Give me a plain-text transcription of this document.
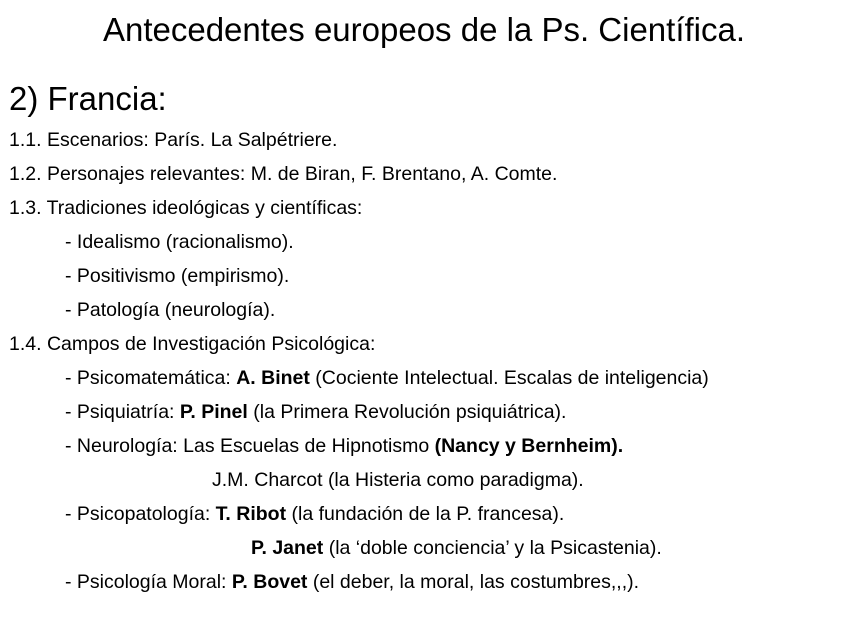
Antecedentes europeos de la Ps. Científica.
2) Francia:
1.1. Escenarios: París. La Salpétriere.
1.2. Personajes relevantes: M. de Biran, F. Brentano, A. Comte.
1.3. Tradiciones ideológicas y científicas:
- Idealismo (racionalismo).
- Positivismo (empirismo).
- Patología (neurología).
1.4. Campos de Investigación Psicológica:
- Psicomatemática: A. Binet (Cociente Intelectual. Escalas de inteligencia)
- Psiquiatría: P. Pinel (la Primera Revolución psiquiátrica).
- Neurología: Las Escuelas de Hipnotismo (Nancy y Bernheim).
J.M. Charcot (la Histeria como paradigma).
- Psicopatología: T. Ribot (la fundación de la P. francesa).
P. Janet (la ‘doble conciencia’ y la Psicastenia).
- Psicología Moral: P. Bovet (el deber, la moral, las costumbres,,,).
